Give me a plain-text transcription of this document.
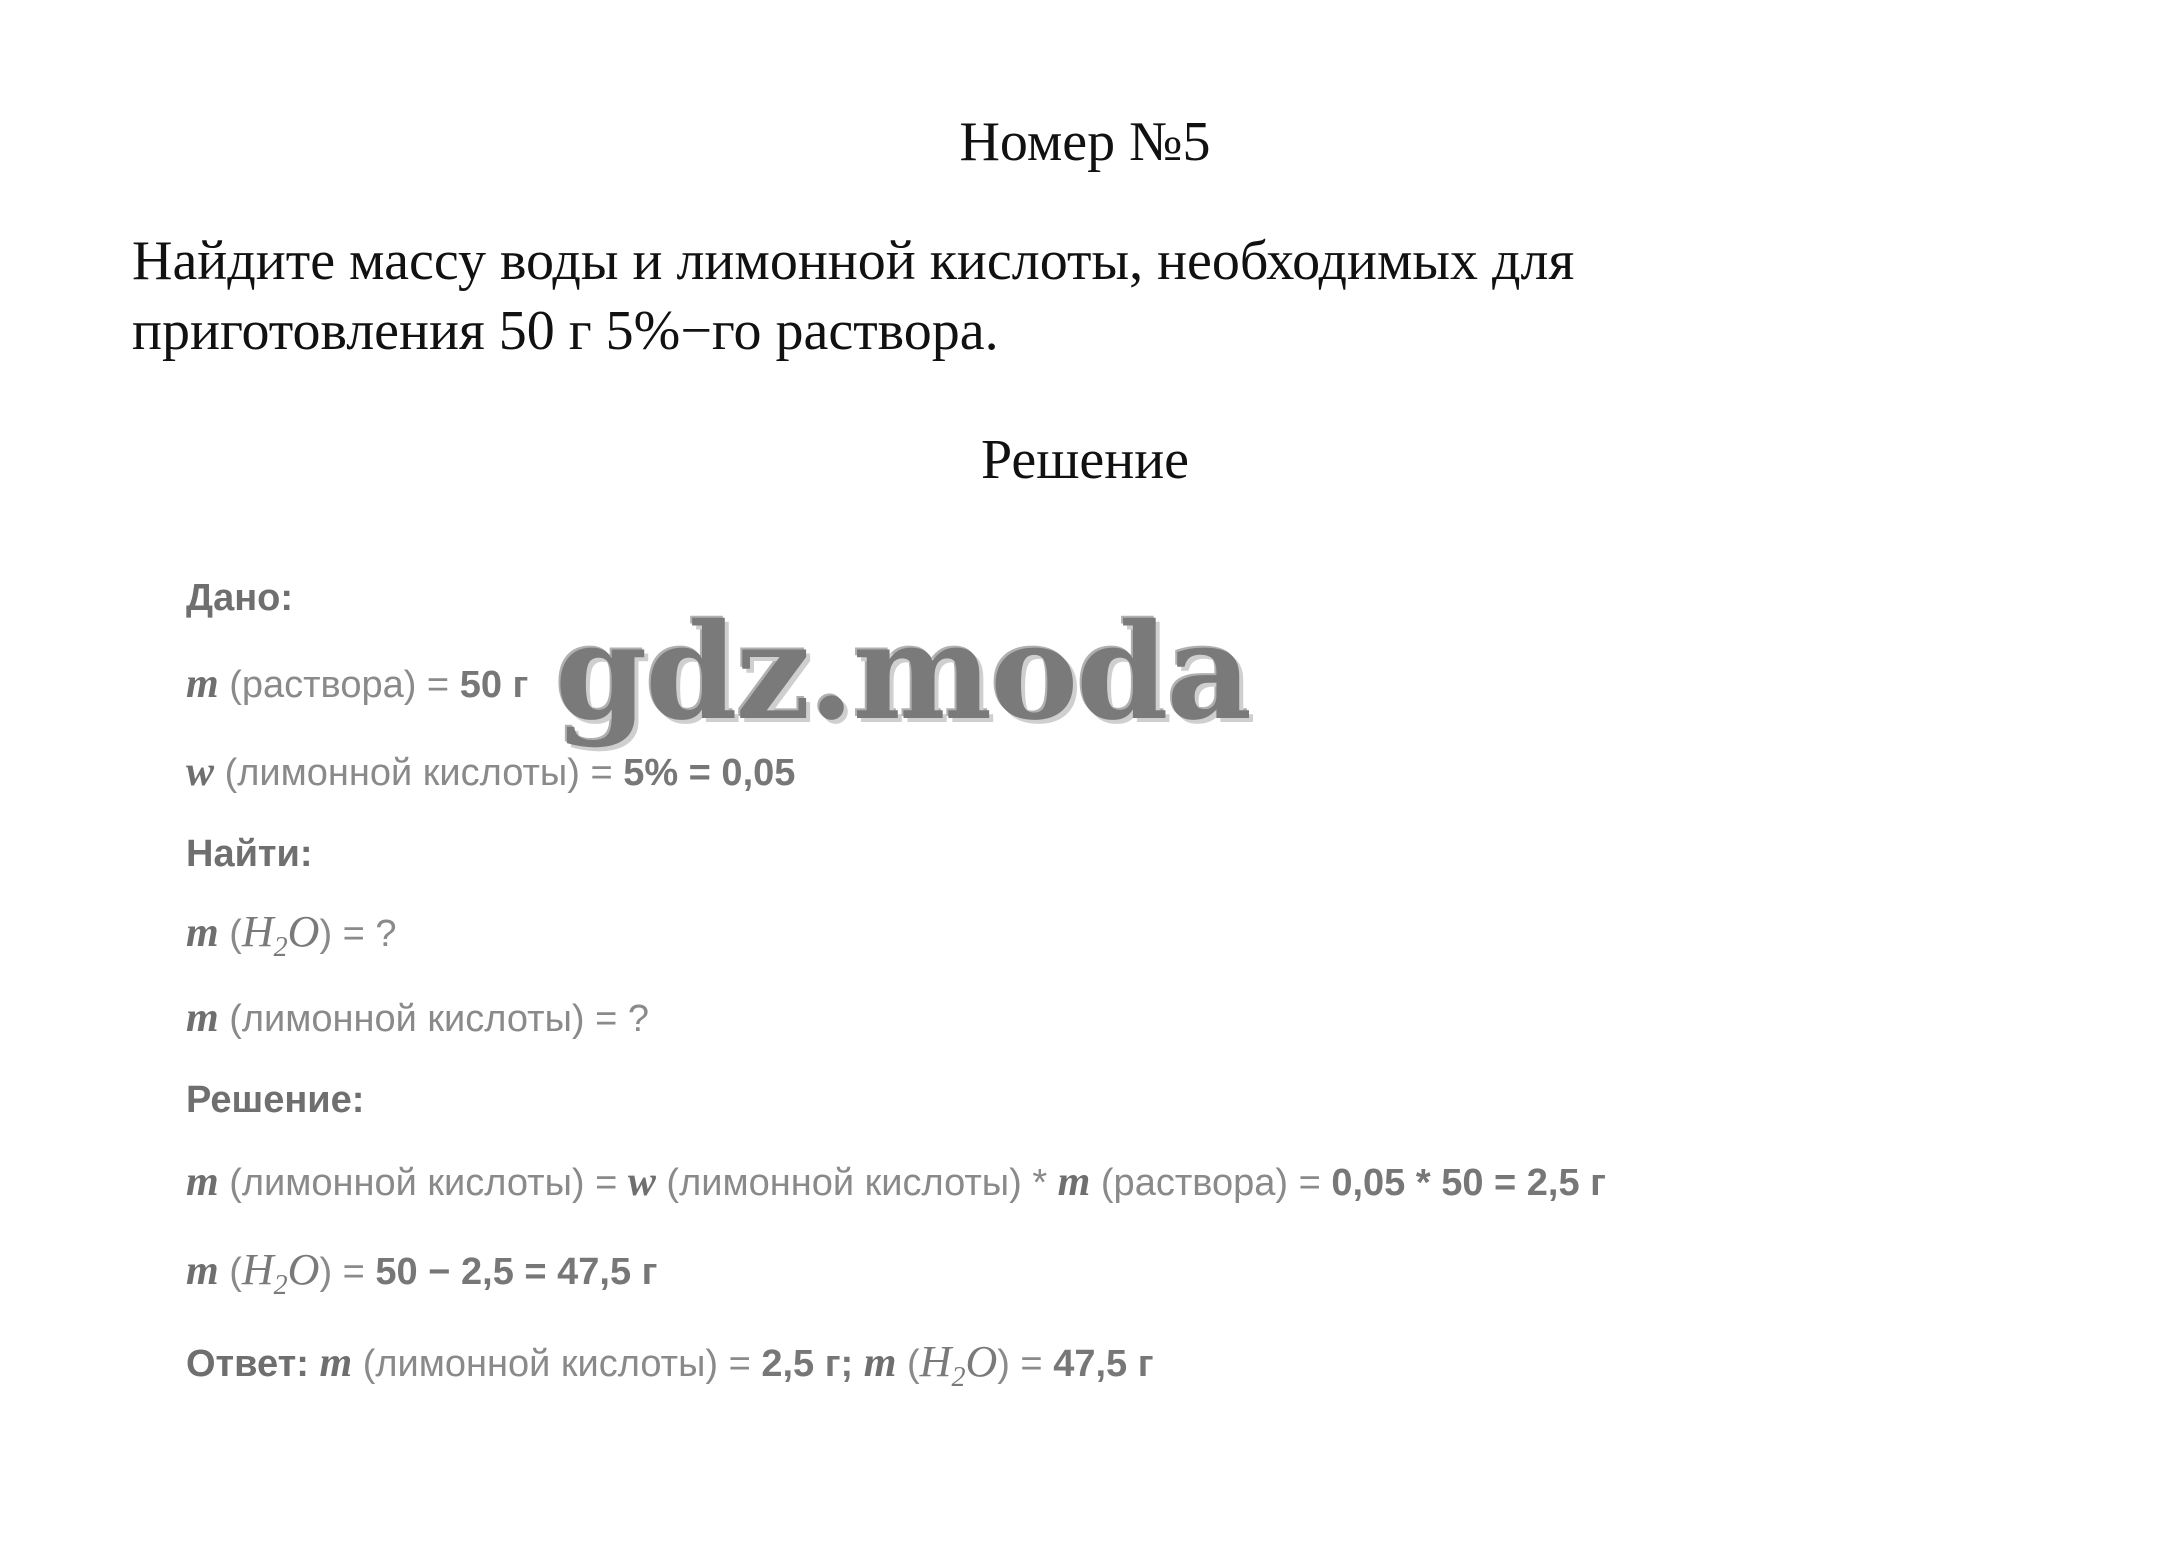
Номер №5
Найдите массу воды и лимонной кислоты, необходимых для
приготовления 50 г 5%−го раствора.
Решение
Дано:
m (раствора) = 50 г
w (лимонной кислоты) = 5% = 0,05
Найти:
m $(H_2O)$ = ?
m (лимонной кислоты) = ?
Решение:
m (лимонной кислоты) = w (лимонной кислоты) * m (раствора) = 0,05 * 50 = 2,5 г
m $(H_2O) = 50 - 2,5 = 47,5$ г
Ответ: m (лимонной кислоты) = 2,5 г; m $(H_2O) = 47,5$ г
gdz.moda
